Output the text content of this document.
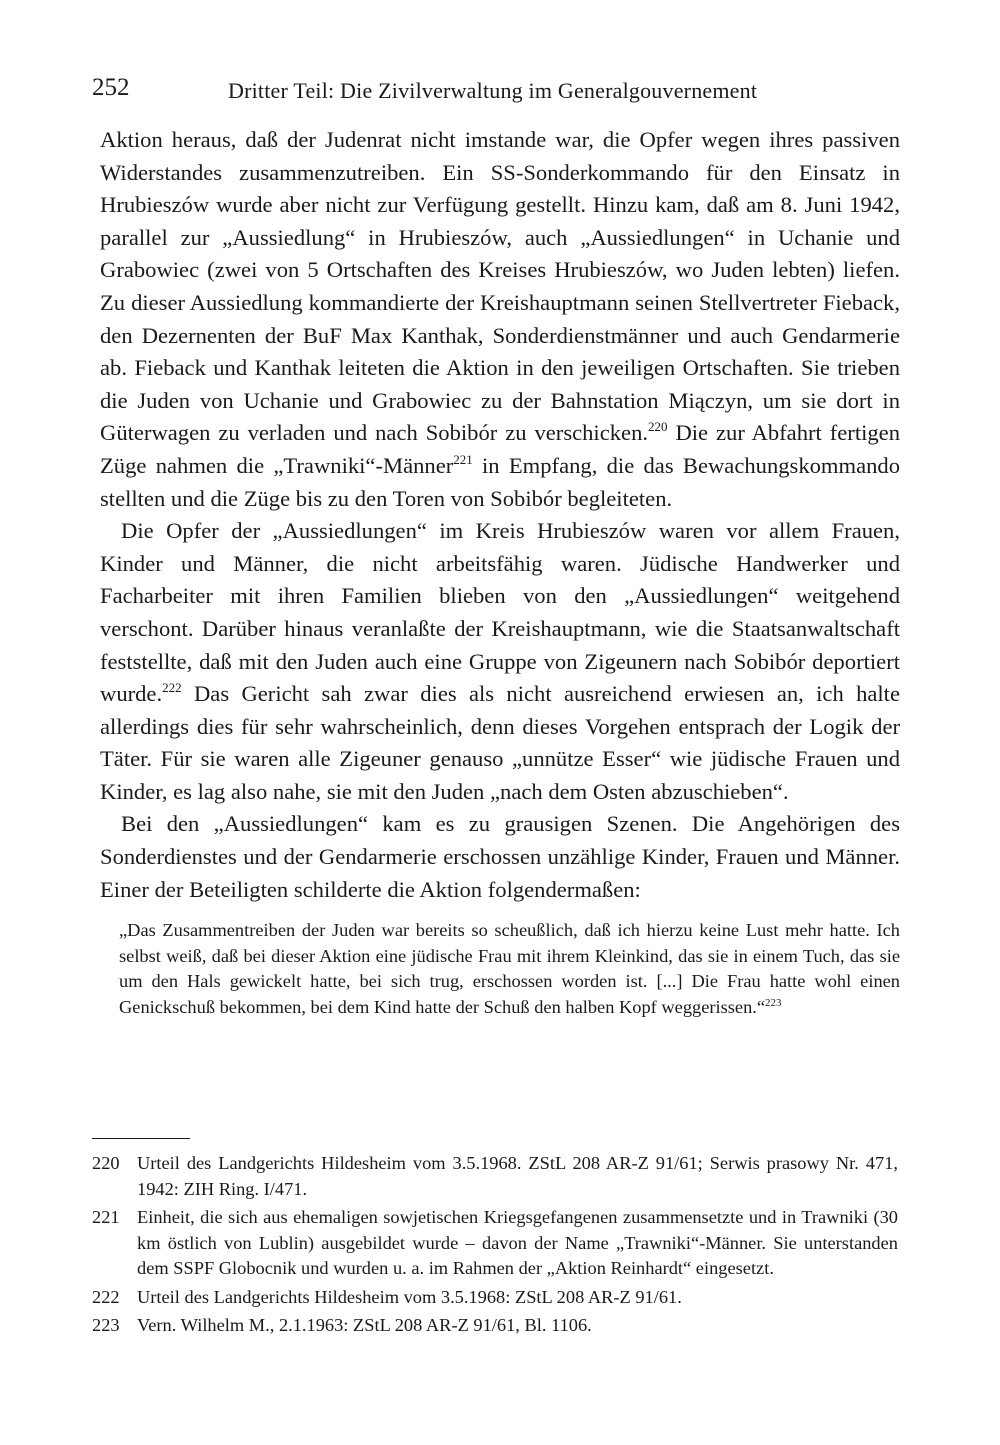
252	Dritter Teil: Die Zivilverwaltung im Generalgouvernement

Aktion heraus, daß der Judenrat nicht imstande war, die Opfer wegen ihres passiven Widerstandes zusammenzutreiben. Ein SS-Sonderkommando für den Einsatz in Hrubieszów wurde aber nicht zur Verfügung gestellt. Hinzu kam, daß am 8. Juni 1942, parallel zur „Aussiedlung“ in Hrubieszów, auch „Aussiedlungen“ in Uchanie und Grabowiec (zwei von 5 Ortschaften des Kreises Hrubieszów, wo Juden lebten) liefen. Zu dieser Aussiedlung kommandierte der Kreishauptmann seinen Stellvertreter Fieback, den Dezernenten der BuF Max Kanthak, Sonderdienstmänner und auch Gendarmerie ab. Fieback und Kanthak leiteten die Aktion in den jeweiligen Ortschaften. Sie trieben die Juden von Uchanie und Grabowiec zu der Bahnstation Miączyn, um sie dort in Güterwagen zu verladen und nach Sobibór zu verschicken.$^{220}$ Die zur Abfahrt fertigen Züge nahmen die „Trawniki“-Männer$^{221}$ in Empfang, die das Bewachungskommando stellten und die Züge bis zu den Toren von Sobibór begleiteten.

Die Opfer der „Aussiedlungen“ im Kreis Hrubieszów waren vor allem Frauen, Kinder und Männer, die nicht arbeitsfähig waren. Jüdische Handwerker und Facharbeiter mit ihren Familien blieben von den „Aussiedlungen“ weitgehend verschont. Darüber hinaus veranlaßte der Kreishauptmann, wie die Staatsanwaltschaft feststellte, daß mit den Juden auch eine Gruppe von Zigeunern nach Sobibór deportiert wurde.$^{222}$ Das Gericht sah zwar dies als nicht ausreichend erwiesen an, ich halte allerdings dies für sehr wahrscheinlich, denn dieses Vorgehen entsprach der Logik der Täter. Für sie waren alle Zigeuner genauso „unnütze Esser“ wie jüdische Frauen und Kinder, es lag also nahe, sie mit den Juden „nach dem Osten abzuschieben“.

Bei den „Aussiedlungen“ kam es zu grausigen Szenen. Die Angehörigen des Sonderdienstes und der Gendarmerie erschossen unzählige Kinder, Frauen und Männer. Einer der Beteiligten schilderte die Aktion folgendermaßen:

„Das Zusammentreiben der Juden war bereits so scheußlich, daß ich hierzu keine Lust mehr hatte. Ich selbst weiß, daß bei dieser Aktion eine jüdische Frau mit ihrem Kleinkind, das sie in einem Tuch, das sie um den Hals gewickelt hatte, bei sich trug, erschossen worden ist. [...] Die Frau hatte wohl einen Genickschuß bekommen, bei dem Kind hatte der Schuß den halben Kopf weggerissen.“$^{223}$

220 Urteil des Landgerichts Hildesheim vom 3.5.1968. ZStL 208 AR-Z 91/61; Serwis prasowy Nr. 471, 1942: ZIH Ring. I/471.
221 Einheit, die sich aus ehemaligen sowjetischen Kriegsgefangenen zusammensetzte und in Trawniki (30 km östlich von Lublin) ausgebildet wurde – davon der Name „Trawniki“-Männer. Sie unterstanden dem SSPF Globocnik und wurden u. a. im Rahmen der „Aktion Reinhardt“ eingesetzt.
222 Urteil des Landgerichts Hildesheim vom 3.5.1968: ZStL 208 AR-Z 91/61.
223 Vern. Wilhelm M., 2.1.1963: ZStL 208 AR-Z 91/61, Bl. 1106.
